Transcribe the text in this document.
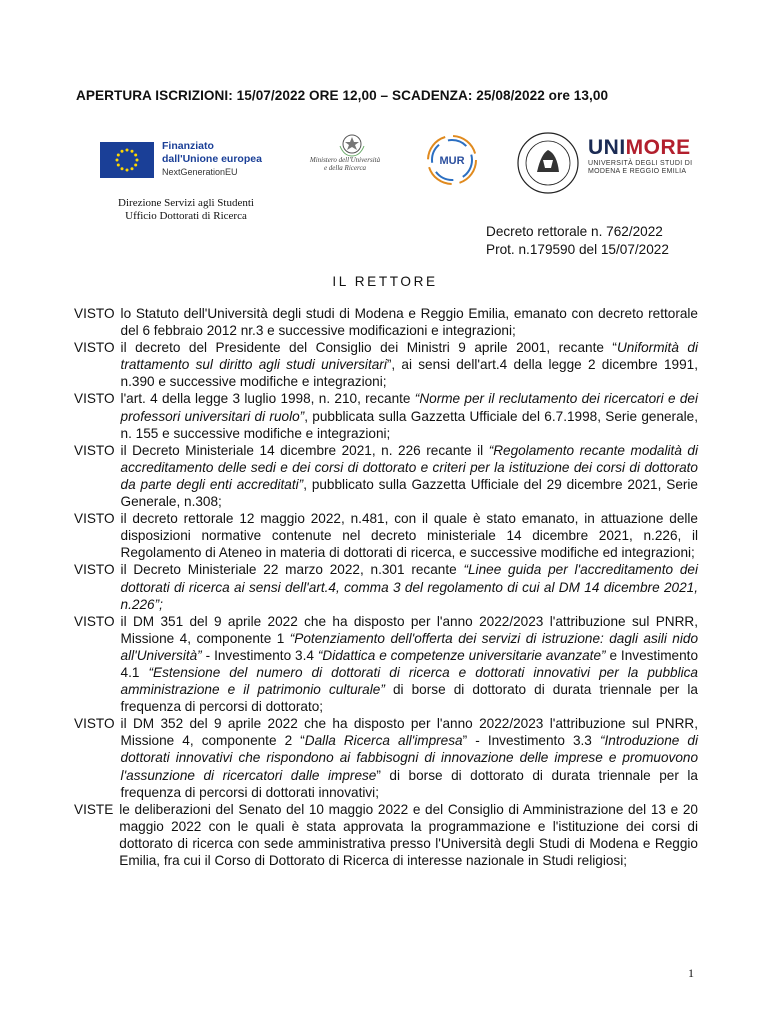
APERTURA ISCRIZIONI: 15/07/2022 ORE 12,00 – SCADENZA: 25/08/2022 ore 13,00
Finanziato
dall'Unione europea
NextGenerationEU
Ministero dell'Università
e della Ricerca
MUR
UNIMORE
UNIVERSITÀ DEGLI STUDI DI
MODENA E REGGIO EMILIA
Direzione Servizi agli Studenti
Ufficio Dottorati di Ricerca
Decreto rettorale n. 762/2022
Prot. n.179590 del 15/07/2022
IL RETTORE
VISTO lo Statuto dell'Università degli studi di Modena e Reggio Emilia, emanato con decreto rettorale del 6 febbraio 2012 nr.3 e successive modificazioni e integrazioni;
VISTO il decreto del Presidente del Consiglio dei Ministri 9 aprile 2001, recante “Uniformità di trattamento sul diritto agli studi universitari”, ai sensi dell'art.4 della legge 2 dicembre 1991, n.390 e successive modifiche e integrazioni;
VISTO l'art. 4 della legge 3 luglio 1998, n. 210, recante “Norme per il reclutamento dei ricercatori e dei professori universitari di ruolo”, pubblicata sulla Gazzetta Ufficiale del 6.7.1998, Serie generale, n. 155 e successive modifiche e integrazioni;
VISTO il Decreto Ministeriale 14 dicembre 2021, n. 226 recante il “Regolamento recante modalità di accreditamento delle sedi e dei corsi di dottorato e criteri per la istituzione dei corsi di dottorato da parte degli enti accreditati”, pubblicato sulla Gazzetta Ufficiale del 29 dicembre 2021, Serie Generale, n.308;
VISTO il decreto rettorale 12 maggio 2022, n.481, con il quale è stato emanato, in attuazione delle disposizioni normative contenute nel decreto ministeriale 14 dicembre 2021, n.226, il Regolamento di Ateneo in materia di dottorati di ricerca, e successive modifiche ed integrazioni;
VISTO il Decreto Ministeriale 22 marzo 2022, n.301 recante “Linee guida per l'accreditamento dei dottorati di ricerca ai sensi dell'art.4, comma 3 del regolamento di cui al DM 14 dicembre 2021, n.226”;
VISTO il DM 351 del 9 aprile 2022 che ha disposto per l'anno 2022/2023 l'attribuzione sul PNRR, Missione 4, componente 1 “Potenziamento dell'offerta dei servizi di istruzione: dagli asili nido all'Università” - Investimento 3.4 “Didattica e competenze universitarie avanzate” e Investimento 4.1 “Estensione del numero di dottorati di ricerca e dottorati innovativi per la pubblica amministrazione e il patrimonio culturale” di borse di dottorato di durata triennale per la frequenza di percorsi di dottorato;
VISTO il DM 352 del 9 aprile 2022 che ha disposto per l'anno 2022/2023 l'attribuzione sul PNRR, Missione 4, componente 2 “Dalla Ricerca all'impresa” - Investimento 3.3 “Introduzione di dottorati innovativi che rispondono ai fabbisogni di innovazione delle imprese e promuovono l'assunzione di ricercatori dalle imprese” di borse di dottorato di durata triennale per la frequenza di percorsi di dottorati innovativi;
VISTE le deliberazioni del Senato del 10 maggio 2022 e del Consiglio di Amministrazione del 13 e 20 maggio 2022 con le quali è stata approvata la programmazione e l'istituzione dei corsi di dottorato di ricerca con sede amministrativa presso l'Università degli Studi di Modena e Reggio Emilia, fra cui il Corso di Dottorato di Ricerca di interesse nazionale in Studi religiosi;
1
